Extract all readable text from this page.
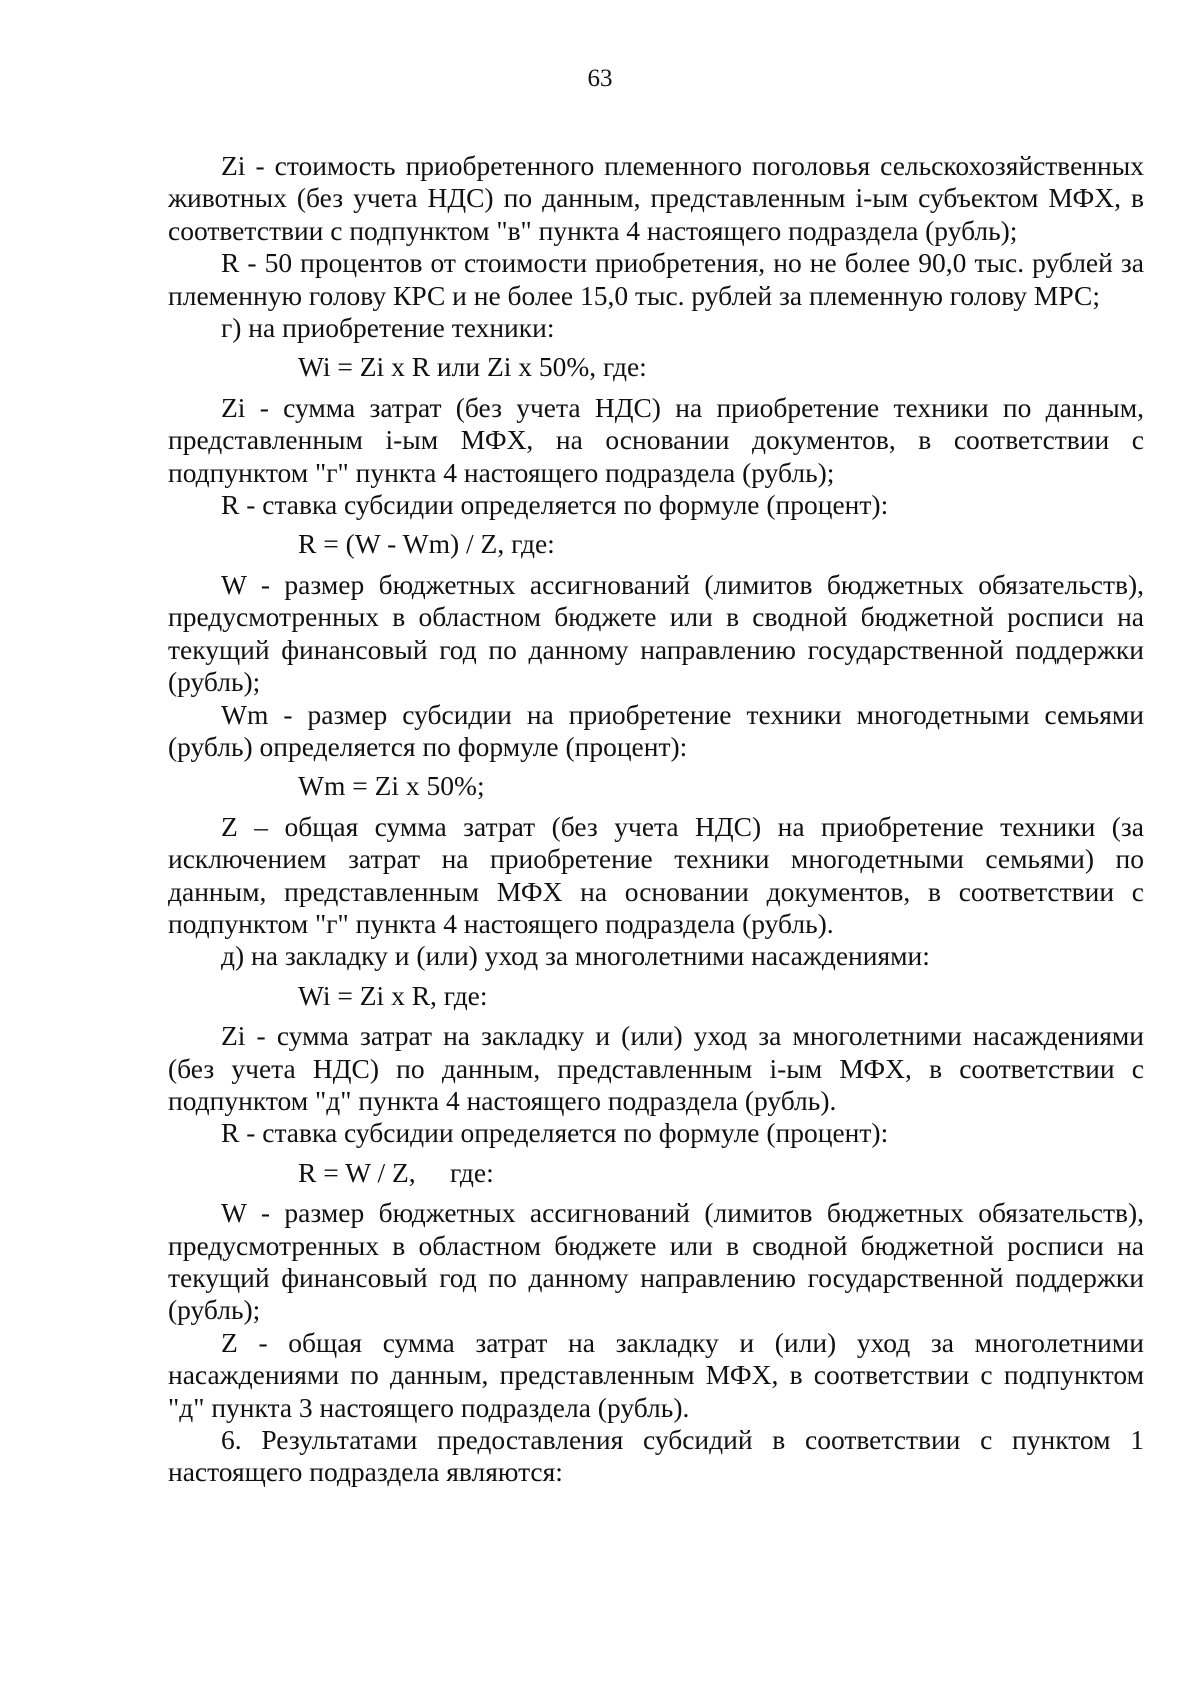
63

Zi - стоимость приобретенного племенного поголовья сельскохозяйственных животных (без учета НДС) по данным, представленным i-ым субъектом МФХ, в соответствии с подпунктом "в" пункта 4 настоящего подраздела (рубль);

R - 50 процентов от стоимости приобретения, но не более 90,0 тыс. рублей за племенную голову КРС и не более 15,0 тыс. рублей за племенную голову МРС;

г) на приобретение техники:

Wi = Zi x R или Zi x 50%, где:

Zi - сумма затрат (без учета НДС) на приобретение техники по данным, представленным i-ым МФХ, на основании документов, в соответствии с подпунктом "г" пункта 4 настоящего подраздела (рубль);

R - ставка субсидии определяется по формуле (процент):

R = (W - Wm) / Z, где:

W - размер бюджетных ассигнований (лимитов бюджетных обязательств), предусмотренных в областном бюджете или в сводной бюджетной росписи на текущий финансовый год по данному направлению государственной поддержки (рубль);

Wm - размер субсидии на приобретение техники многодетными семьями (рубль) определяется по формуле (процент):

Wm = Zi x 50%;

Z – общая сумма затрат (без учета НДС) на приобретение техники (за исключением затрат на приобретение техники многодетными семьями) по данным, представленным МФХ на основании документов, в соответствии с подпунктом "г" пункта 4 настоящего подраздела (рубль).

д) на закладку и (или) уход за многолетними насаждениями:

Wi = Zi x R, где:

Zi - сумма затрат на закладку и (или) уход за многолетними насаждениями (без учета НДС) по данным, представленным i-ым МФХ, в соответствии с подпунктом "д" пункта 4 настоящего подраздела (рубль).

R - ставка субсидии определяется по формуле (процент):

R = W / Z,     где:

W - размер бюджетных ассигнований (лимитов бюджетных обязательств), предусмотренных в областном бюджете или в сводной бюджетной росписи на текущий финансовый год по данному направлению государственной поддержки (рубль);

Z - общая сумма затрат на закладку и (или) уход за многолетними насаждениями по данным, представленным МФХ, в соответствии с подпунктом "д" пункта 3 настоящего подраздела (рубль).

6. Результатами предоставления субсидий в соответствии с пунктом 1 настоящего подраздела являются:
